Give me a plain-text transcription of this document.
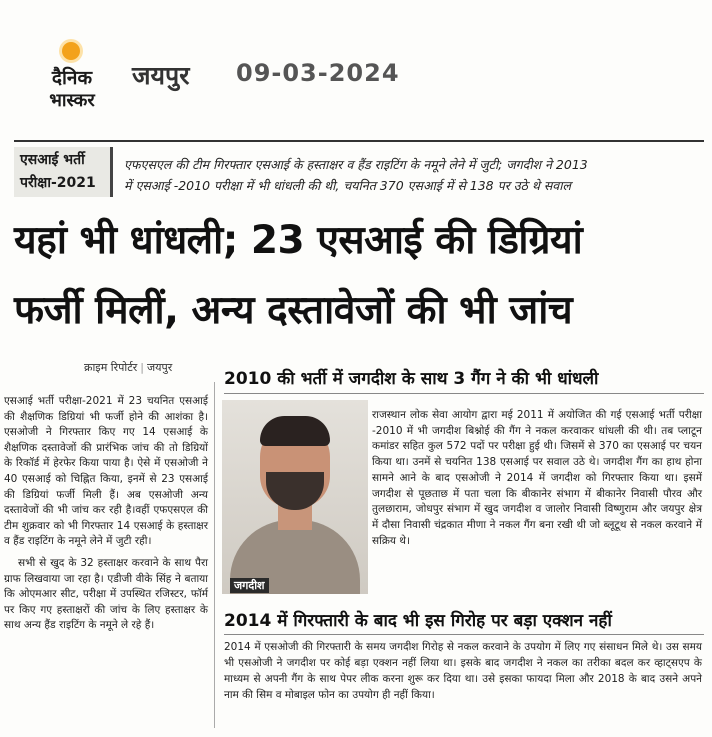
दैनिक
भास्कर
जयपुर 09-03-2024
एसआई भर्ती
परीक्षा-2021
एफएसएल की टीम गिरफ्तार एसआई के हस्ताक्षर व हैंड राइटिंग के नमूने लेने में जुटी; जगदीश ने 2013
में एसआई -2010 परीक्षा में भी धांधली की थी, चयनित 370 एसआई में से 138 पर उठे थे सवाल
यहां भी धांधली; 23 एसआई की डिग्रियां
फर्जी मिलीं, अन्य दस्तावेजों की भी जांच
क्राइम रिपोर्टर | जयपुर

एसआई भर्ती परीक्षा-2021 में 23 चयनित एसआई की शैक्षणिक डिग्रियां भी फर्जी होने की आशंका है। एसओजी ने गिरफ्तार किए गए 14 एसआई के शैक्षणिक दस्तावेजों की प्रारंभिक जांच की तो डिग्रियों के रिकॉर्ड में हेरफेर किया पाया है। ऐसे में एसओजी ने 40 एसआई को चिह्नित किया, इनमें से 23 एसआई की डिग्रियां फर्जी मिली हैं। अब एसओजी अन्य दस्तावेजों की भी जांच कर रही है।वहीं एफएसएल की टीम शुक्रवार को भी गिरफ्तार 14 एसआई के हस्ताक्षर व हैंड राइटिंग के नमूने लेने में जुटी रही।

सभी से खुद के 32 हस्ताक्षर करवाने के साथ पैरा ग्राफ लिखवाया जा रहा है। एडीजी वीके सिंह ने बताया कि ओएमआर सीट, परीक्षा में उपस्थित रजिस्टर, फॉर्म पर किए गए हस्ताक्षरों की जांच के लिए हस्ताक्षर के साथ अन्य हैंड राइटिंग के नमूने ले रहे हैं।

2010 की भर्ती में जगदीश के साथ 3 गैंग ने की भी धांधली
जगदीश
राजस्थान लोक सेवा आयोग द्वारा मई 2011 में अयोजित की गई एसआई भर्ती परीक्षा -2010 में भी जगदीश बिश्नोई की गैंग ने नकल करवाकर धांधली की थी। तब प्लाटून कमांडर सहित कुल 572 पदों पर परीक्षा हुई थी। जिसमें से 370 का एसआई पर चयन किया था। उनमें से चयनित 138 एसआई पर सवाल उठे थे। जगदीश गैंग का हाथ होना सामने आने के बाद एसओजी ने 2014 में जगदीश को गिरफ्तार किया था। इसमें जगदीश से पूछताछ में पता चला कि बीकानेर संभाग में बीकानेर निवासी पौरव और तुलछाराम, जोधपुर संभाग में खुद जगदीश व जालोर निवासी विष्णुराम और जयपुर क्षेत्र में दौसा निवासी चंद्रकात मीणा ने नकल गैंग बना रखी थी जो ब्लूटूथ से नकल करवाने में सक्रिय थे।
2014 में गिरफ्तारी के बाद भी इस गिरोह पर बड़ा एक्शन नहीं
2014 में एसओजी की गिरफ्तारी के समय जगदीश गिरोह से नकल करवाने के उपयोग में लिए गए संसाधन मिले थे। उस समय भी एसओजी ने जगदीश पर कोई बड़ा एक्शन नहीं लिया था। इसके बाद जगदीश ने नकल का तरीका बदल कर व्हाट्सएप के माध्यम से अपनी गैंग के साथ पेपर लीक करना शुरू कर दिया था। उसे इसका फायदा मिला और 2018 के बाद उसने अपने नाम की सिम व मोबाइल फोन का उपयोग ही नहीं किया।
